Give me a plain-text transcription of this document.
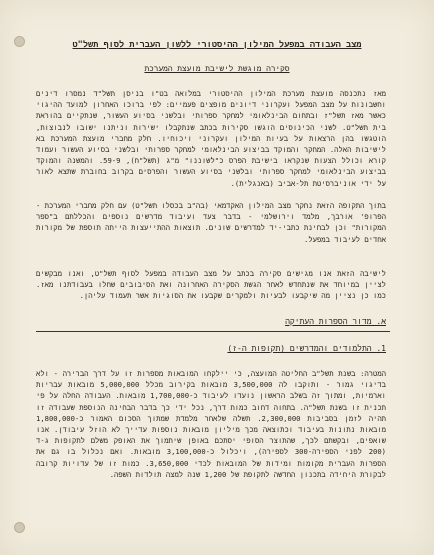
מצב העבודה במפעל המילון ההיסטורי ללשון העברית לסוף תשל"ט

סקירה מוגשת לישיבת מועצת המערכת

מאז נתכנסה מועצת מערכת המילון ההיסטורי במלואה בט"ו בניסן תשל"ד נמסרו דינים וחשבונות על מצב המפעל ועקרוני דיונים מופצים פעמיים: לפי ברוכו האחרון למועד ההיגוי כאשר מאז תשל"ז ובתחום הבינלאומי למחקר ספרותי ובלשני בסיוע העשור, שנתקיים בהוראת בית תשל"ט. לשני הכינוסים הוגשו סקירות בכתב שנתקבלו ישירות וניתנו ישובו לנבוצות, הוטגשו בהן הרצאות על בעיות המילון ועקרוני ויכוחיו. חלק מחברי מועצת המערכת בא לישיבות האלה. המחקר והמוקד בביצוע הבינלאומי למחקר ספרותי ובלשני בסיוע העשור ועמוד קורא וכולל הצעות שנקראו בישיבת הפרס כ"לשוננו" מ"ג (תשל"ח), 59-9. והמשנה והמוקד בביצוע הבינלאומי למחקר ספרותי ובלשני בסיוע העשור והפרסים בקרוב בחוברת שתצא לאור על ידי אוניברסיטת תל-אביב (באנגלית).

בתוך התקופה הזאת נחקר מצב המילון האקדמאי (בה"ב בכסלו תשל"ט) עם חלק מחברי המערכת - הפרופ' אורבך, מלמד וירושלמי - בדבר צעד ועיבוד מדרשים נוספים והכללתם ב"ספר המקורות" וכן לבחינת כתבי-יד למדרשים שונים. תוצאות ההתייעצות הייתה תוספת של מקורות אחדים לעיבוד במפעל.

לישיבה הזאת אנו מגישים סקירה בכתב על מצב העבודה במפעל לסוף תשל"ט, ואנו מבקשים לציין במיוחד את שנתחדש לאחר הגשת הסקירה האחרונה ואת הסיבובים שחלו בעבודתנו מאז. כמו כן נציין מה שיקבעו לבעיות ולמקרים שקבעו את הסוגיות אשר תעמוד עליהן.

א. מדור הספרות העתיקה
1. התלמודים והמדרשים (תקופות ה-ז)

המטרה: בשנת תשל"ב החליטה המועצה, כי יילקחו המובאות מספרות זו על דרך הברירה - ולא בדיגוי גמור - ותוקבו לה 3,500,000 מובאות בקירוב מכלל 5,000,000 מובאות עבריות וארמיות, ומתוך זה בשלב הראשון נועדו לעיבוד כ-1,700,000 מובאות. העבודה החלה על פי תכנית זו בשנת תשל"ה. בתחוה דחוב כמות דרך, נכל ידי כך בדבר הבחינה הנוספת שעבודה זו תהיה לזמן בסביבות 2,300,000. תשלה שלאחר מלמדת שמתוך הסכום האמור כ-1,800,000 מובאות נתונות בעיבוד וכתוצאה מכך מיליון מובאות נוספות עדייך לא הוזל עיבודן. אנו שואפים, ובקשתם לכך, שהתוצר הסופי יסתכם באופן שיתמוך את האופק משלם לתקופות ג-ד (200 לפני הספירה-300 לספירה), ויכלול כ-3,100,000 מובאות. ואם נכלול בו גם את הספרות העברית מקומות ומידות של המובאות לכדי 3,650,000. כמות זו של עדויות קרובה לבקורת היחידה בתכנון החדשה לתקופת של 1,200 שנה למצה תולדות השפה.
